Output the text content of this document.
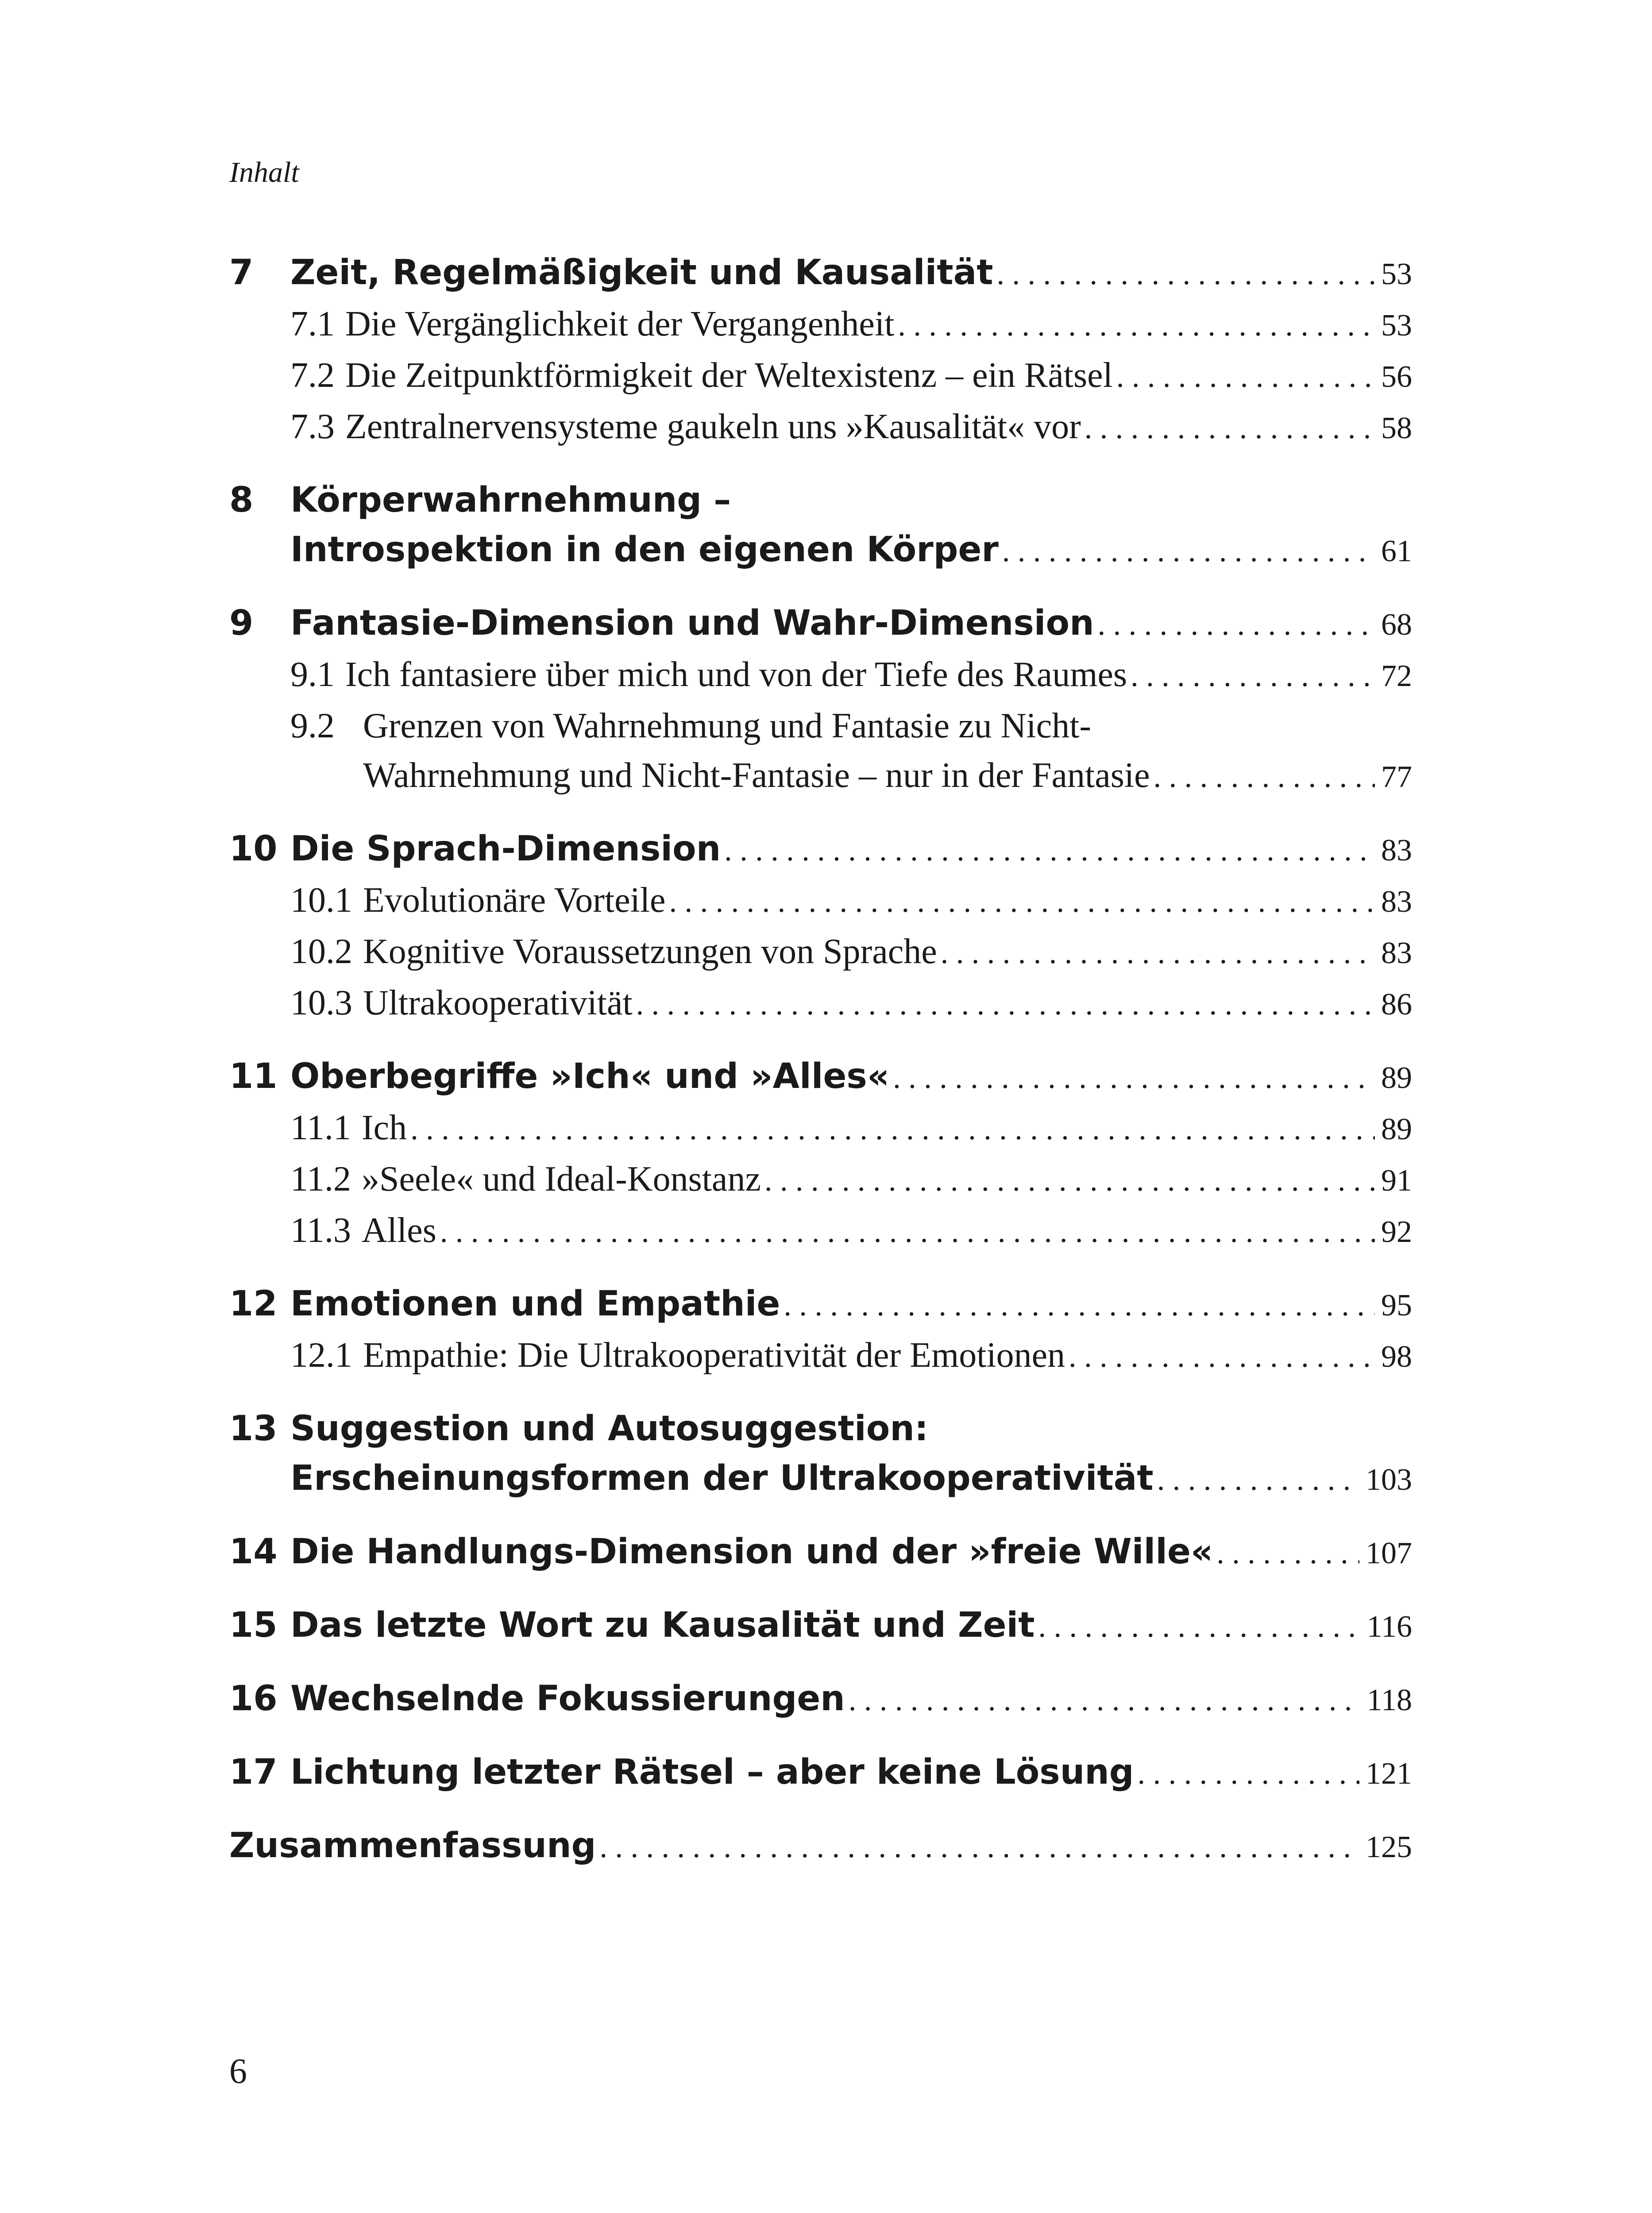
Inhalt
7 Zeit, Regelmäßigkeit und Kausalität . . .	53
7.1 Die Vergänglichkeit der Vergangenheit . . .	53
7.2 Die Zeitpunktförmigkeit der Weltexistenz – ein Rätsel . . .	56
7.3 Zentralnervensysteme gaukeln uns »Kausalität« vor . . .	58
8 Körperwahrnehmung –
Introspektion in den eigenen Körper . . .	61
9 Fantasie-Dimension und Wahr-Dimension . . .	68
9.1 Ich fantasiere über mich und von der Tiefe des Raumes . . .	72
9.2 Grenzen von Wahrnehmung und Fantasie zu Nicht-
Wahrnehmung und Nicht-Fantasie – nur in der Fantasie . . .	77
10 Die Sprach-Dimension . . .	83
10.1 Evolutionäre Vorteile . . .	83
10.2 Kognitive Voraussetzungen von Sprache . . .	83
10.3 Ultrakooperativität . . .	86
11 Oberbegriffe »Ich« und »Alles« . . .	89
11.1 Ich . . .	89
11.2 »Seele« und Ideal-Konstanz . . .	91
11.3 Alles . . .	92
12 Emotionen und Empathie . . .	95
12.1 Empathie: Die Ultrakooperativität der Emotionen . . .	98
13 Suggestion und Autosuggestion:
Erscheinungsformen der Ultrakooperativität . . .	103
14 Die Handlungs-Dimension und der »freie Wille« . . .	107
15 Das letzte Wort zu Kausalität und Zeit . . .	116
16 Wechselnde Fokussierungen . . .	118
17 Lichtung letzter Rätsel – aber keine Lösung . . .	121
Zusammenfassung . . .	125
6
